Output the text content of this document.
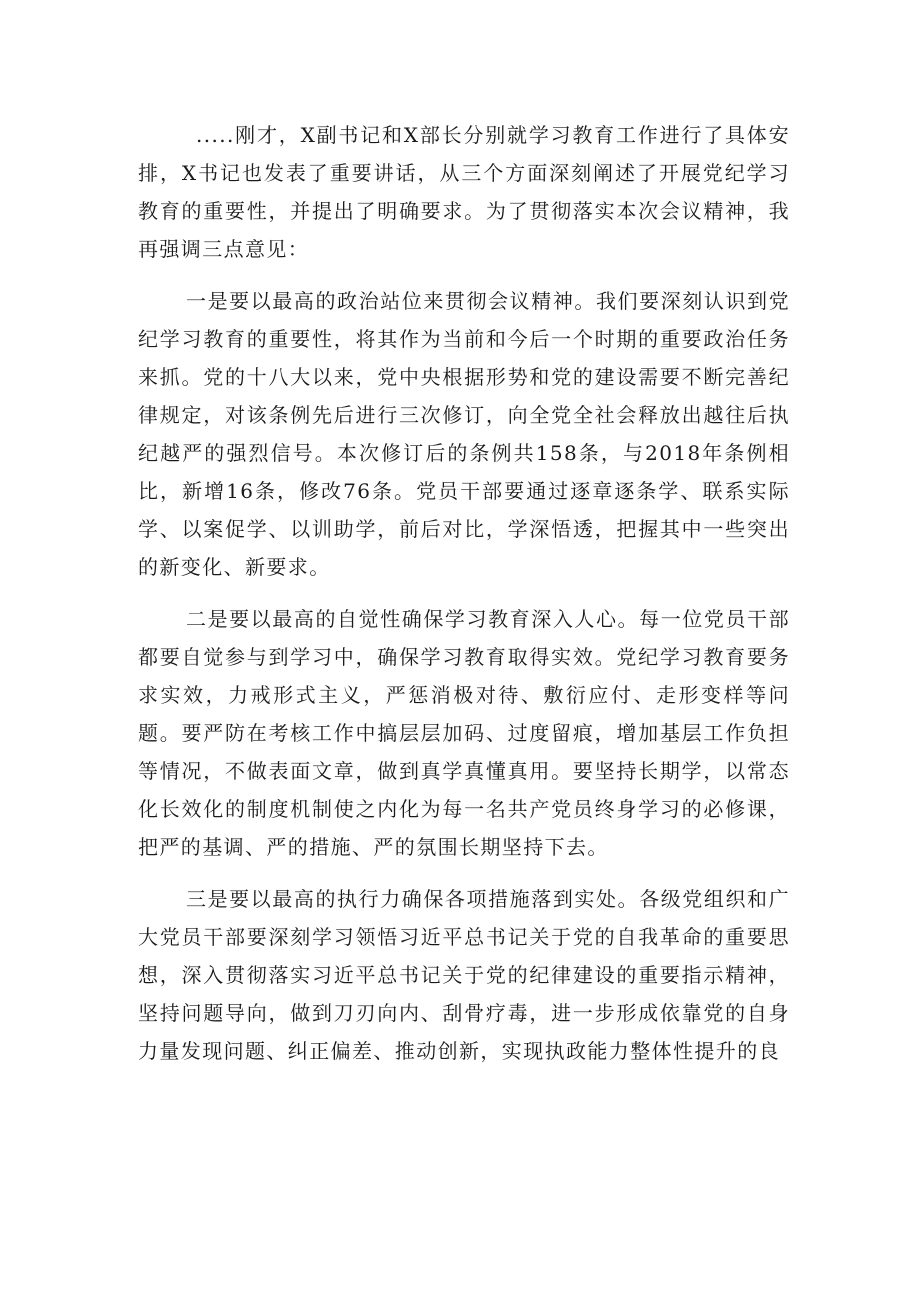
.....刚才，X副书记和X部长分别就学习教育工作进行了具体安排，X书记也发表了重要讲话，从三个方面深刻阐述了开展党纪学习教育的重要性，并提出了明确要求。为了贯彻落实本次会议精神，我再强调三点意见：

一是要以最高的政治站位来贯彻会议精神。我们要深刻认识到党纪学习教育的重要性，将其作为当前和今后一个时期的重要政治任务来抓。党的十八大以来，党中央根据形势和党的建设需要不断完善纪律规定，对该条例先后进行三次修订，向全党全社会释放出越往后执纪越严的强烈信号。本次修订后的条例共158条，与2018年条例相比，新增16条，修改76条。党员干部要通过逐章逐条学、联系实际学、以案促学、以训助学，前后对比，学深悟透，把握其中一些突出的新变化、新要求。

二是要以最高的自觉性确保学习教育深入人心。每一位党员干部都要自觉参与到学习中，确保学习教育取得实效。党纪学习教育要务求实效，力戒形式主义，严惩消极对待、敷衍应付、走形变样等问题。要严防在考核工作中搞层层加码、过度留痕，增加基层工作负担等情况，不做表面文章，做到真学真懂真用。要坚持长期学，以常态化长效化的制度机制使之内化为每一名共产党员终身学习的必修课，把严的基调、严的措施、严的氛围长期坚持下去。

三是要以最高的执行力确保各项措施落到实处。各级党组织和广大党员干部要深刻学习领悟习近平总书记关于党的自我革命的重要思想，深入贯彻落实习近平总书记关于党的纪律建设的重要指示精神，坚持问题导向，做到刀刃向内、刮骨疗毒，进一步形成依靠党的自身力量发现问题、纠正偏差、推动创新，实现执政能力整体性提升的良
